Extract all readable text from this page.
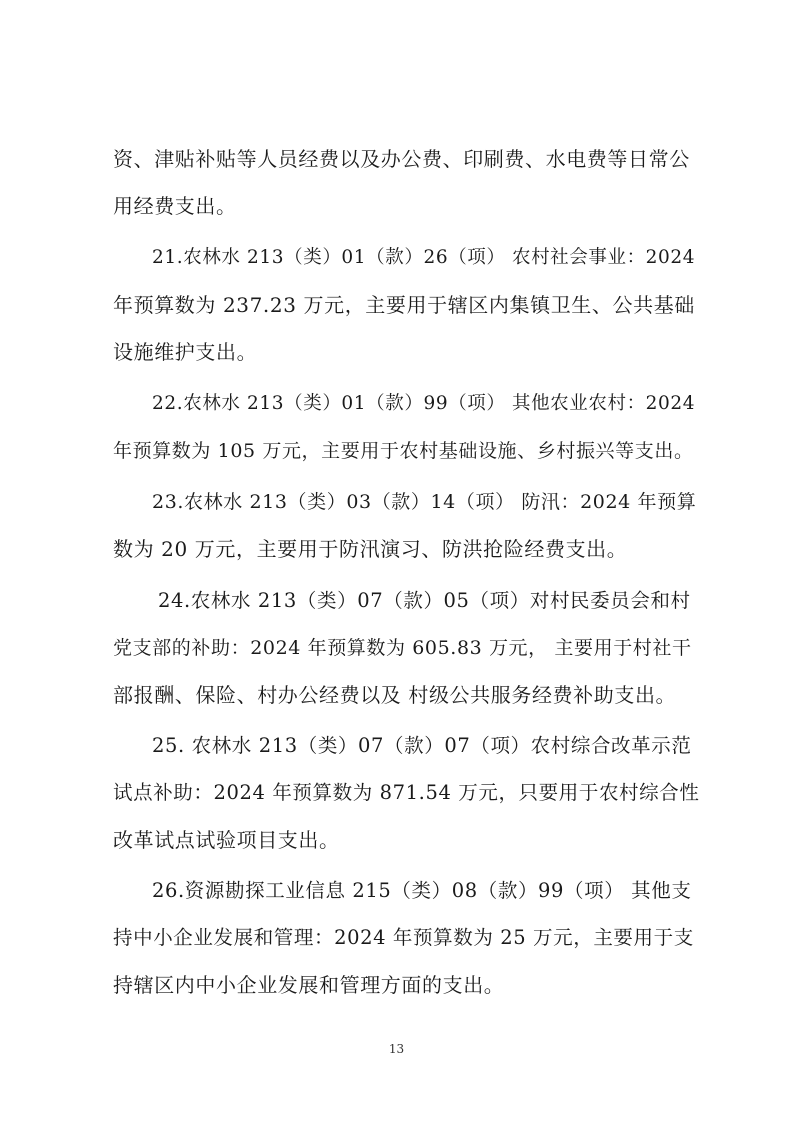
资、津贴补贴等人员经费以及办公费、印刷费、水电费等日常公
用经费支出。
21.农林水 213（类）01（款）26（项） 农村社会事业：2024
年预算数为 237.23 万元，主要用于辖区内集镇卫生、公共基础
设施维护支出。
22.农林水 213（类）01（款）99（项） 其他农业农村：2024
年预算数为 105 万元，主要用于农村基础设施、乡村振兴等支出。
23.农林水 213（类）03（款）14（项） 防汛：2024 年预算
数为 20 万元，主要用于防汛演习、防洪抢险经费支出。
24.农林水 213（类）07（款）05（项）对村民委员会和村
党支部的补助：2024 年预算数为 605.83 万元， 主要用于村社干
部报酬、保险、村办公经费以及 村级公共服务经费补助支出。
25. 农林水 213（类）07（款）07（项）农村综合改革示范
试点补助：2024 年预算数为 871.54 万元，只要用于农村综合性
改革试点试验项目支出。
26.资源勘探工业信息 215（类）08（款）99（项） 其他支
持中小企业发展和管理：2024 年预算数为 25 万元，主要用于支
持辖区内中小企业发展和管理方面的支出。
13
